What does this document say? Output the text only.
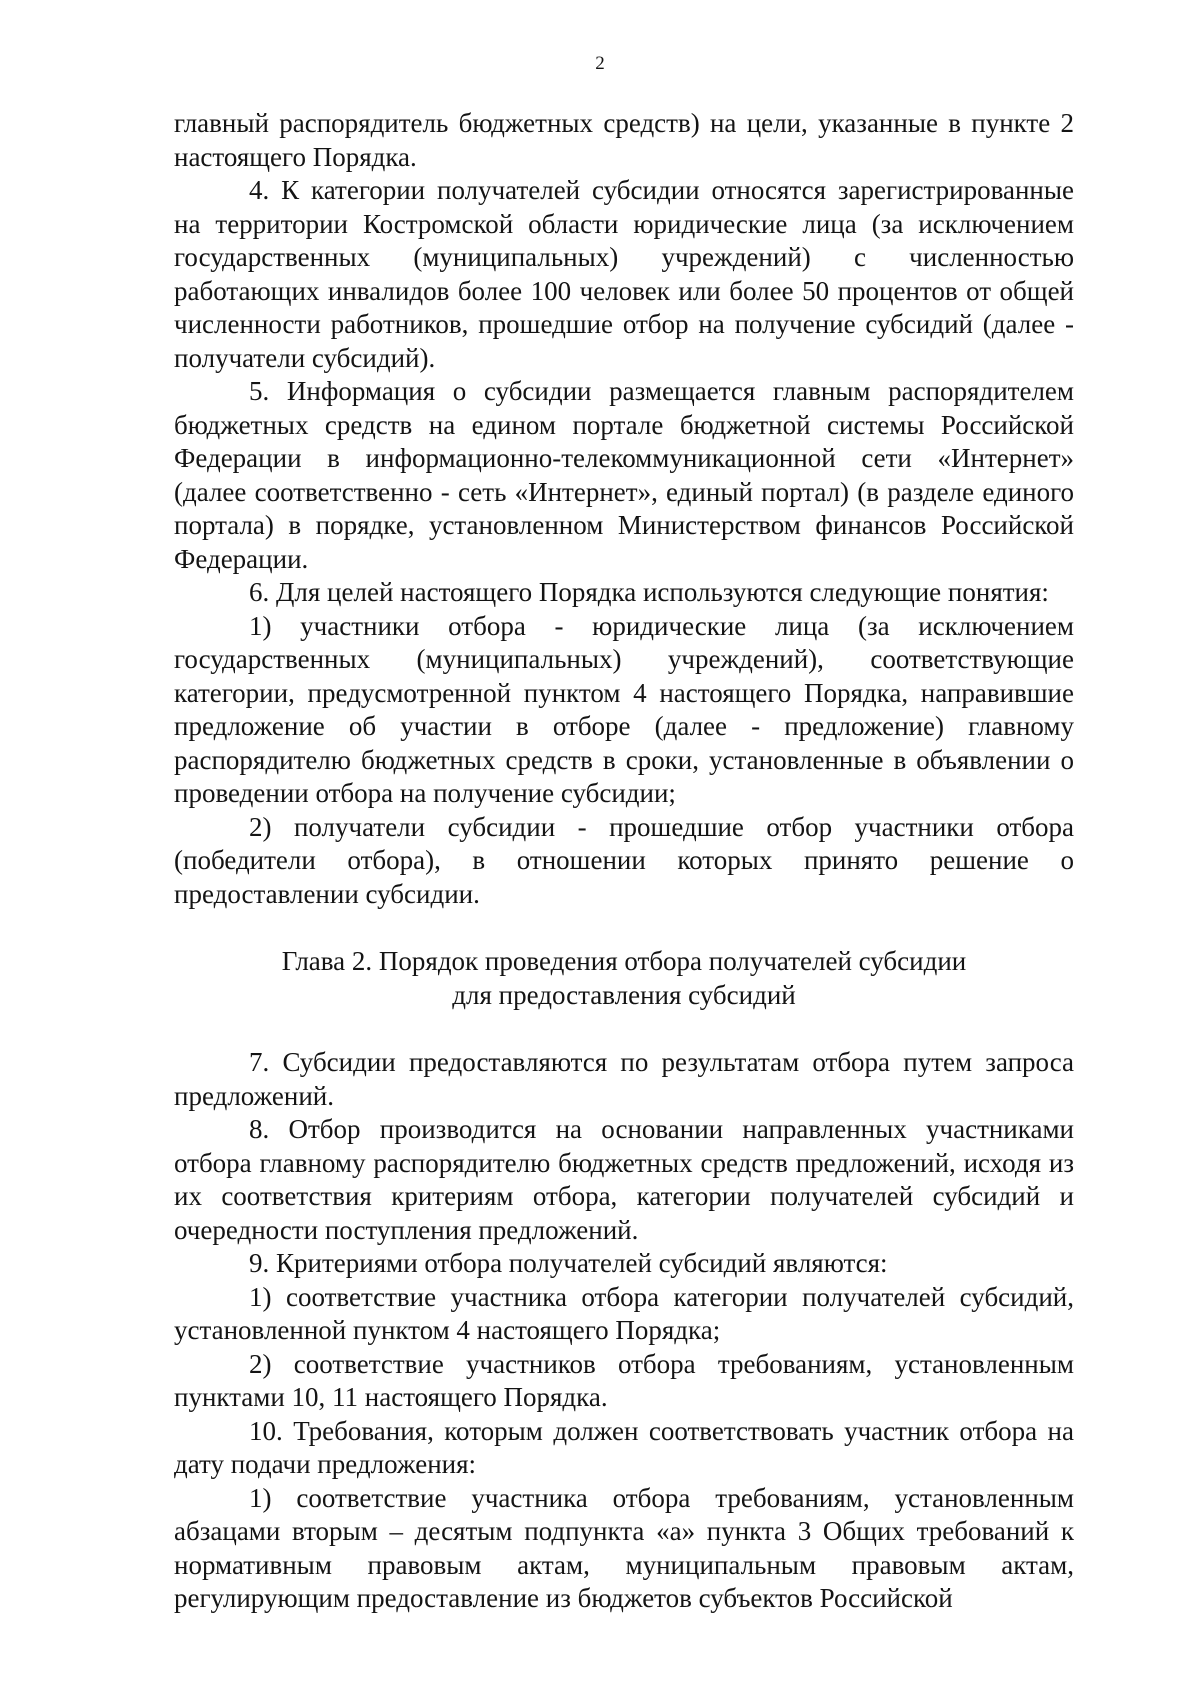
2

главный распорядитель бюджетных средств) на цели, указанные в пункте 2 настоящего Порядка.

4. К категории получателей субсидии относятся зарегистрированные на территории Костромской области юридические лица (за исключением государственных (муниципальных) учреждений) с численностью работающих инвалидов более 100 человек или более 50 процентов от общей численности работников, прошедшие отбор на получение субсидий (далее - получатели субсидий).

5. Информация о субсидии размещается главным распорядителем бюджетных средств на едином портале бюджетной системы Российской Федерации в информационно-телекоммуникационной сети «Интернет» (далее соответственно - сеть «Интернет», единый портал) (в разделе единого портала) в порядке, установленном Министерством финансов Российской Федерации.

6. Для целей настоящего Порядка используются следующие понятия:

1) участники отбора - юридические лица (за исключением государственных (муниципальных) учреждений), соответствующие категории, предусмотренной пунктом 4 настоящего Порядка, направившие предложение об участии в отборе (далее - предложение) главному распорядителю бюджетных средств в сроки, установленные в объявлении о проведении отбора на получение субсидии;

2) получатели субсидии - прошедшие отбор участники отбора (победители отбора), в отношении которых принято решение о предоставлении субсидии.

Глава 2. Порядок проведения отбора получателей субсидии
для предоставления субсидий

7. Субсидии предоставляются по результатам отбора путем запроса предложений.

8. Отбор производится на основании направленных участниками отбора главному распорядителю бюджетных средств предложений, исходя из их соответствия критериям отбора, категории получателей субсидий и очередности поступления предложений.

9. Критериями отбора получателей субсидий являются:

1) соответствие участника отбора категории получателей субсидий, установленной пунктом 4 настоящего Порядка;

2) соответствие участников отбора требованиям, установленным пунктами 10, 11 настоящего Порядка.

10. Требования, которым должен соответствовать участник отбора на дату подачи предложения:

1) соответствие участника отбора требованиям, установленным абзацами вторым – десятым подпункта «а» пункта 3 Общих требований к нормативным правовым актам, муниципальным правовым актам, регулирующим предоставление из бюджетов субъектов Российской
